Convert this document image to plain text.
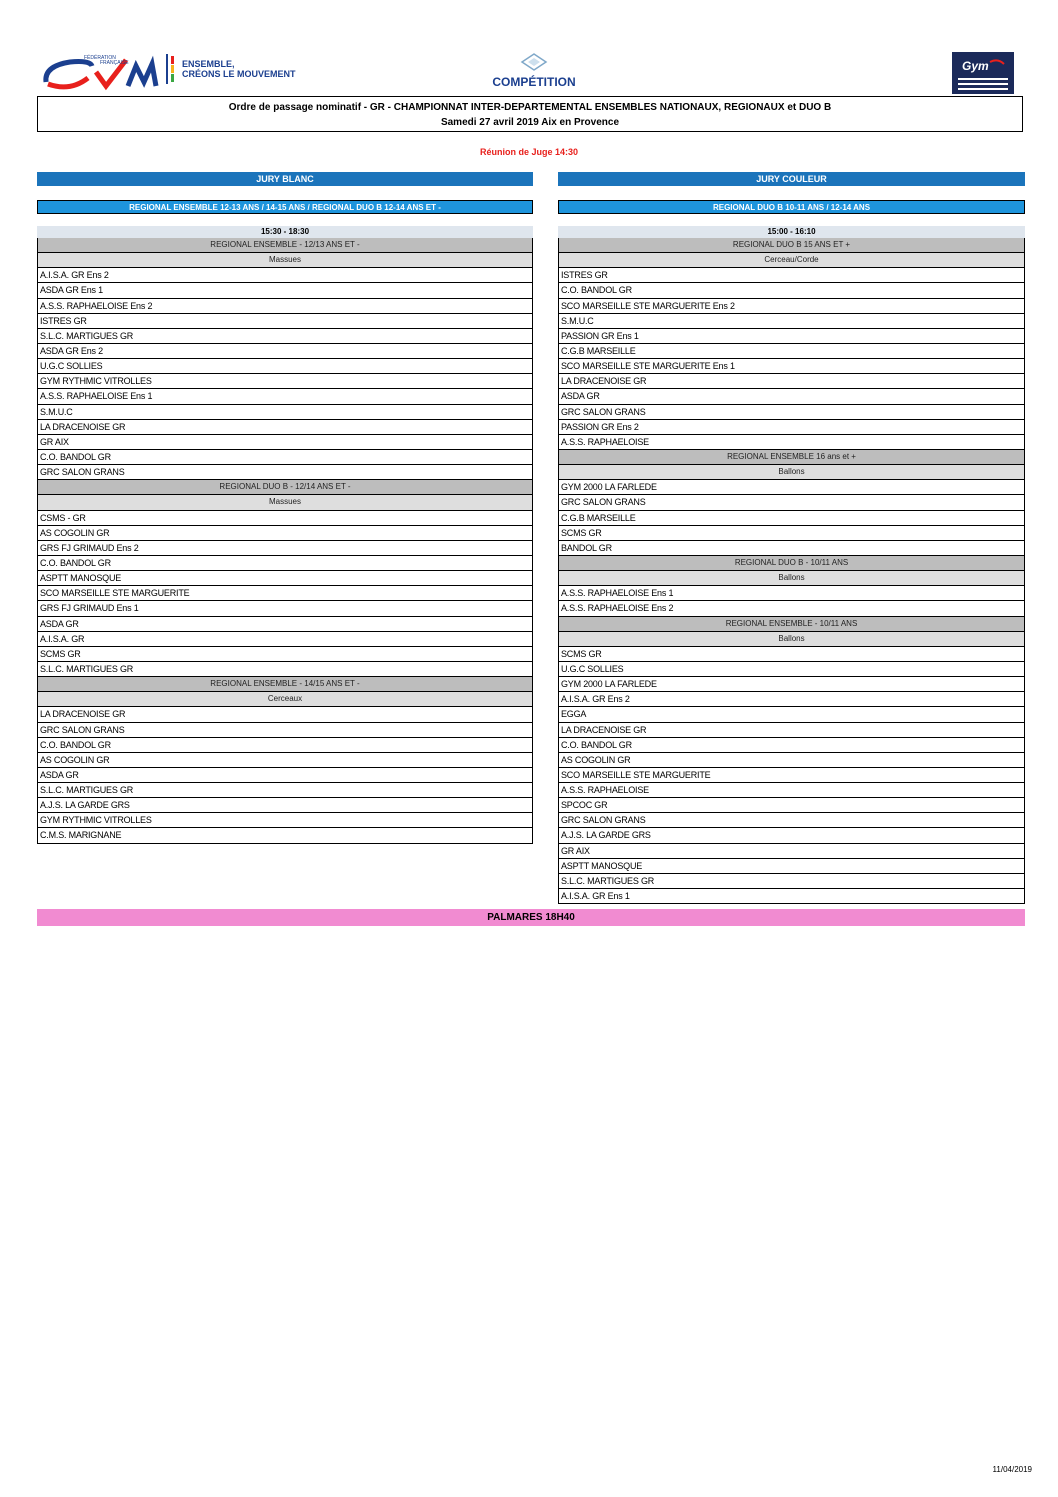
FÉDÉRATION
FRANÇAISE	ENSEMBLE,
CRÉONS LE MOUVEMENT
COMPÉTITION
Gym
Ordre de passage nominatif - GR - CHAMPIONNAT INTER-DEPARTEMENTAL ENSEMBLES NATIONAUX, REGIONAUX et DUO B
Samedi 27 avril 2019 Aix en Provence
Réunion de Juge 14:30
JURY BLANC
REGIONAL ENSEMBLE 12-13 ANS / 14-15 ANS / REGIONAL DUO B 12-14 ANS ET -
15:30 - 18:30
REGIONAL ENSEMBLE - 12/13 ANS ET -
Massues
A.I.S.A. GR Ens 2
ASDA GR Ens 1
A.S.S. RAPHAELOISE Ens 2
ISTRES GR
S.L.C. MARTIGUES GR
ASDA GR Ens 2
U.G.C SOLLIES
GYM RYTHMIC VITROLLES
A.S.S. RAPHAELOISE Ens 1
S.M.U.C
LA DRACENOISE GR
GR AIX
C.O. BANDOL GR
GRC SALON GRANS
REGIONAL DUO B - 12/14 ANS ET -
Massues
CSMS - GR
AS COGOLIN GR
GRS FJ GRIMAUD Ens 2
C.O. BANDOL GR
ASPTT MANOSQUE
SCO MARSEILLE STE MARGUERITE
GRS FJ GRIMAUD Ens 1
ASDA GR
A.I.S.A. GR
SCMS GR
S.L.C. MARTIGUES GR
REGIONAL ENSEMBLE - 14/15 ANS ET -
Cerceaux
LA DRACENOISE GR
GRC SALON GRANS
C.O. BANDOL GR
AS COGOLIN GR
ASDA GR
S.L.C. MARTIGUES GR
A.J.S. LA GARDE GRS
GYM RYTHMIC VITROLLES
C.M.S. MARIGNANE
JURY COULEUR
REGIONAL DUO B 10-11 ANS / 12-14 ANS
15:00 - 16:10
REGIONAL DUO B 15 ANS ET +
Cerceau/Corde
ISTRES GR
C.O. BANDOL GR
SCO MARSEILLE STE MARGUERITE Ens 2
S.M.U.C
PASSION GR Ens 1
C.G.B MARSEILLE
SCO MARSEILLE STE MARGUERITE Ens 1
LA DRACENOISE GR
ASDA GR
GRC SALON GRANS
PASSION GR Ens 2
A.S.S. RAPHAELOISE
REGIONAL ENSEMBLE 16 ans et +
Ballons
GYM 2000 LA FARLEDE
GRC SALON GRANS
C.G.B MARSEILLE
SCMS GR
BANDOL GR
REGIONAL DUO B - 10/11 ANS
Ballons
A.S.S. RAPHAELOISE Ens 1
A.S.S. RAPHAELOISE Ens 2
REGIONAL ENSEMBLE - 10/11 ANS
Ballons
SCMS GR
U.G.C SOLLIES
GYM 2000 LA FARLEDE
A.I.S.A. GR Ens 2
EGGA
LA DRACENOISE GR
C.O. BANDOL GR
AS COGOLIN GR
SCO MARSEILLE STE MARGUERITE
A.S.S. RAPHAELOISE
SPCOC GR
GRC SALON GRANS
A.J.S. LA GARDE GRS
GR AIX
ASPTT MANOSQUE
S.L.C. MARTIGUES GR
A.I.S.A. GR Ens 1
PALMARES 18H40
11/04/2019
